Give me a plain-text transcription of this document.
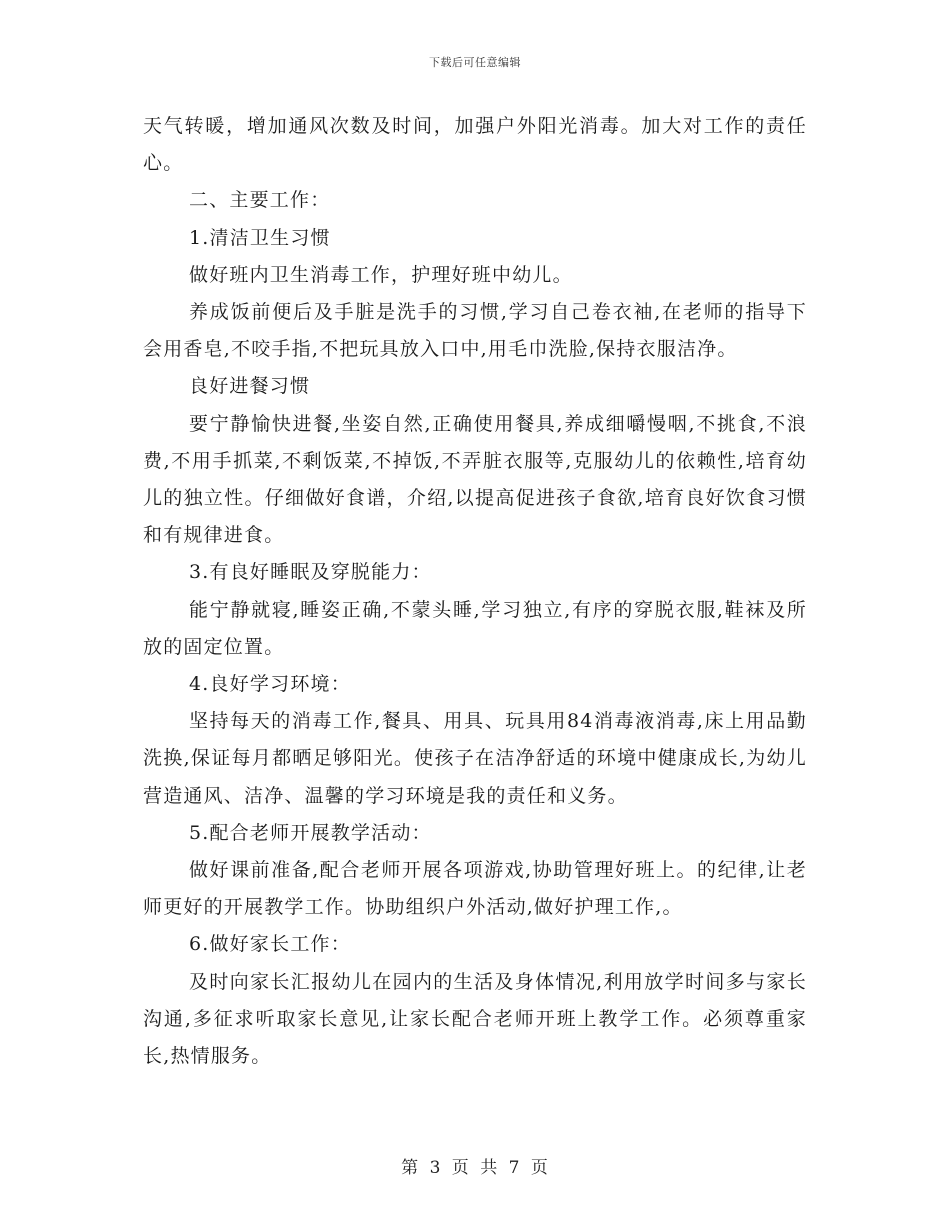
下载后可任意编辑

天气转暖，增加通风次数及时间，加强户外阳光消毒。加大对工作的责任心。

二、主要工作：

1.清洁卫生习惯

做好班内卫生消毒工作，护理好班中幼儿。

养成饭前便后及手脏是洗手的习惯,学习自己卷衣袖,在老师的指导下会用香皂,不咬手指,不把玩具放入口中,用毛巾洗脸,保持衣服洁净。

良好进餐习惯

要宁静愉快进餐,坐姿自然,正确使用餐具,养成细嚼慢咽,不挑食,不浪费,不用手抓菜,不剩饭菜,不掉饭,不弄脏衣服等,克服幼儿的依赖性,培育幼儿的独立性。仔细做好食谱，介绍,以提高促进孩子食欲,培育良好饮食习惯和有规律进食。

3.有良好睡眠及穿脱能力：

能宁静就寝,睡姿正确,不蒙头睡,学习独立,有序的穿脱衣服,鞋袜及所放的固定位置。

4.良好学习环境：

坚持每天的消毒工作,餐具、用具、玩具用84消毒液消毒,床上用品勤洗换,保证每月都晒足够阳光。使孩子在洁净舒适的环境中健康成长,为幼儿营造通风、洁净、温馨的学习环境是我的责任和义务。

5.配合老师开展教学活动：

做好课前准备,配合老师开展各项游戏,协助管理好班上。的纪律,让老师更好的开展教学工作。协助组织户外活动,做好护理工作,。

6.做好家长工作：

及时向家长汇报幼儿在园内的生活及身体情况,利用放学时间多与家长沟通,多征求听取家长意见,让家长配合老师开班上教学工作。必须尊重家长,热情服务。

第 3 页 共 7 页
